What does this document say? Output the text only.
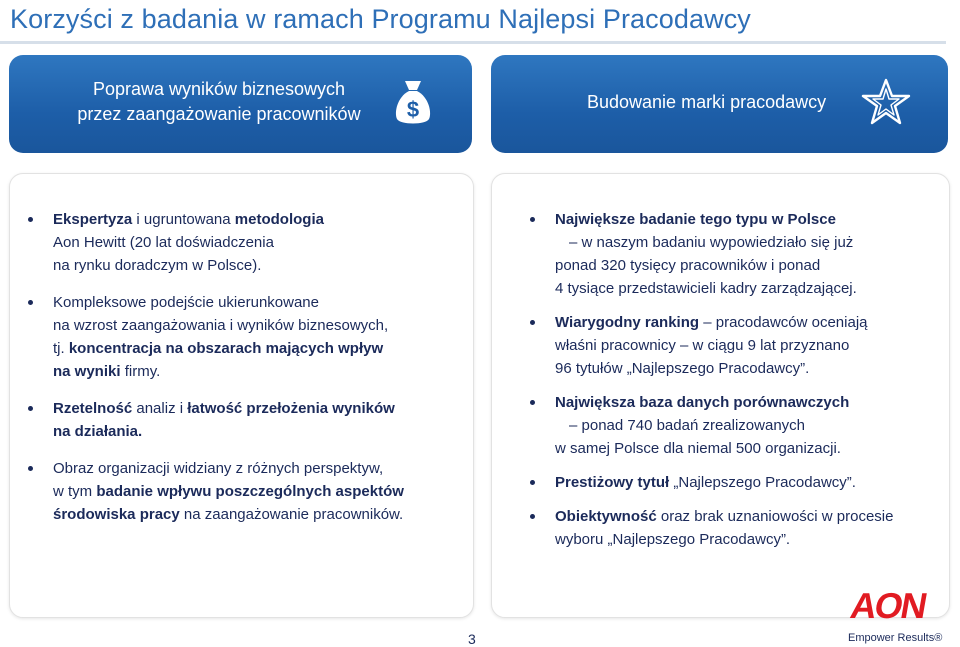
Korzyści z badania w ramach Programu Najlepsi Pracodawcy
Poprawa wyników biznesowych
przez zaangażowanie pracowników	$	Budowanie marki pracodawcy
Ekspertyza i ugruntowana metodologia
Aon Hewitt (20 lat doświadczenia
na rynku doradczym w Polsce).
Kompleksowe podejście ukierunkowane
na wzrost zaangażowania i wyników biznesowych,
tj. koncentracja na obszarach mających wpływ
na wyniki firmy.
Rzetelność analiz i łatwość przełożenia wyników
na działania.
Obraz organizacji widziany z różnych perspektyw,
w tym badanie wpływu poszczególnych aspektów
środowiska pracy na zaangażowanie pracowników.
Największe badanie tego typu w Polsce
– w naszym badaniu wypowiedziało się już
ponad 320 tysięcy pracowników i ponad
4 tysiące przedstawicieli kadry zarządzającej.
Wiarygodny ranking – pracodawców oceniają
właśni pracownicy – w ciągu 9 lat przyznano
96 tytułów „Najlepszego Pracodawcy”.
Największa baza danych porównawczych
– ponad 740 badań zrealizowanych
w samej Polsce dla niemal 500 organizacji.
Prestiżowy tytuł „Najlepszego Pracodawcy”.
Obiektywność oraz brak uznaniowości w procesie
wyboru „Najlepszego Pracodawcy”.
3
AON
Empower Results®
